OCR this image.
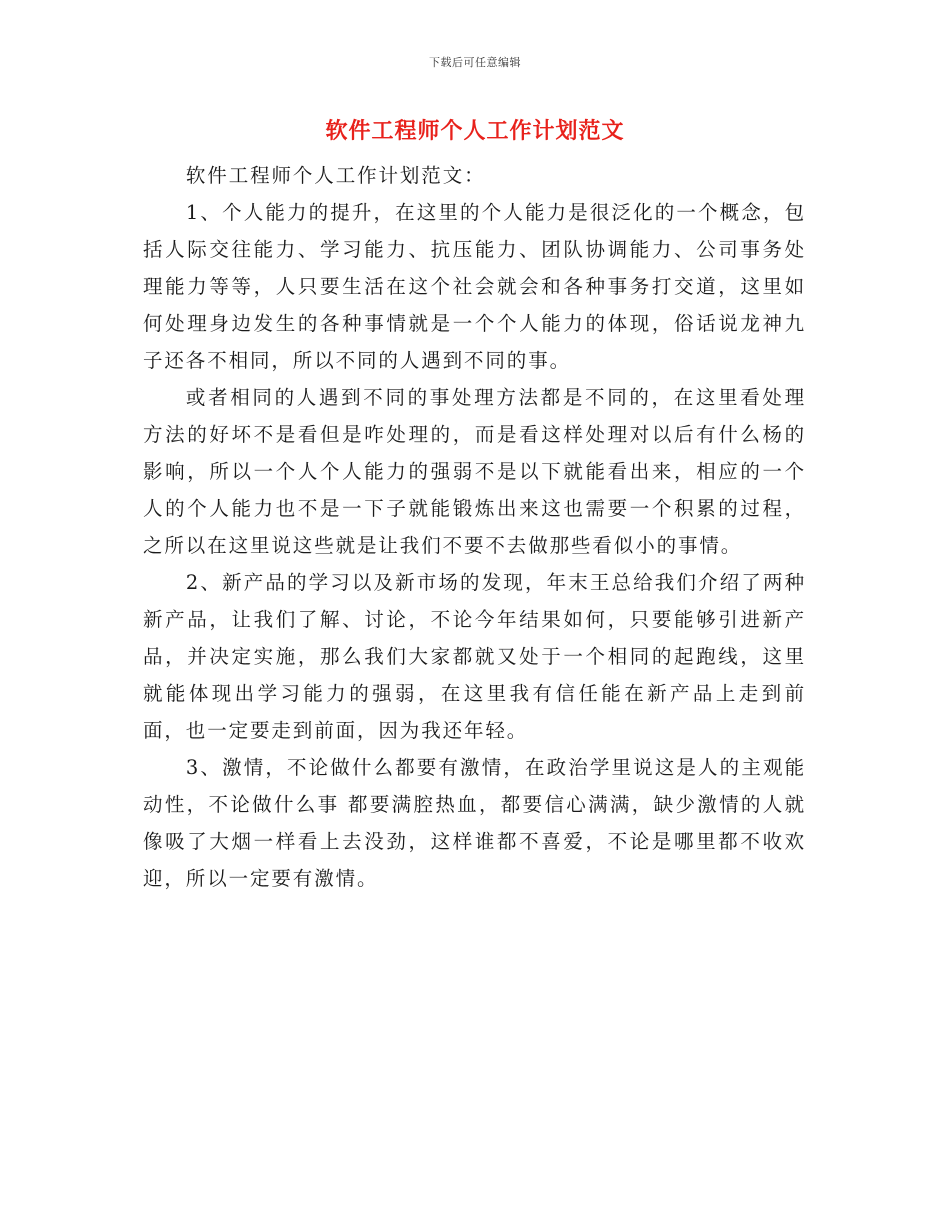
下载后可任意编辑
软件工程师个人工作计划范文

软件工程师个人工作计划范文：

1、个人能力的提升，在这里的个人能力是很泛化的一个概念，包括人际交往能力、学习能力、抗压能力、团队协调能力、公司事务处理能力等等，人只要生活在这个社会就会和各种事务打交道，这里如何处理身边发生的各种事情就是一个个人能力的体现，俗话说龙神九子还各不相同，所以不同的人遇到不同的事。

或者相同的人遇到不同的事处理方法都是不同的，在这里看处理方法的好坏不是看但是咋处理的，而是看这样处理对以后有什么杨的影响，所以一个人个人能力的强弱不是以下就能看出来，相应的一个人的个人能力也不是一下子就能锻炼出来这也需要一个积累的过程，之所以在这里说这些就是让我们不要不去做那些看似小的事情。

2、新产品的学习以及新市场的发现，年末王总给我们介绍了两种新产品，让我们了解、讨论，不论今年结果如何，只要能够引进新产品，并决定实施，那么我们大家都就又处于一个相同的起跑线，这里就能体现出学习能力的强弱，在这里我有信任能在新产品上走到前面，也一定要走到前面，因为我还年轻。

3、激情，不论做什么都要有激情，在政治学里说这是人的主观能动性，不论做什么事 都要满腔热血，都要信心满满，缺少激情的人就像吸了大烟一样看上去没劲，这样谁都不喜爱，不论是哪里都不收欢迎，所以一定要有激情。
